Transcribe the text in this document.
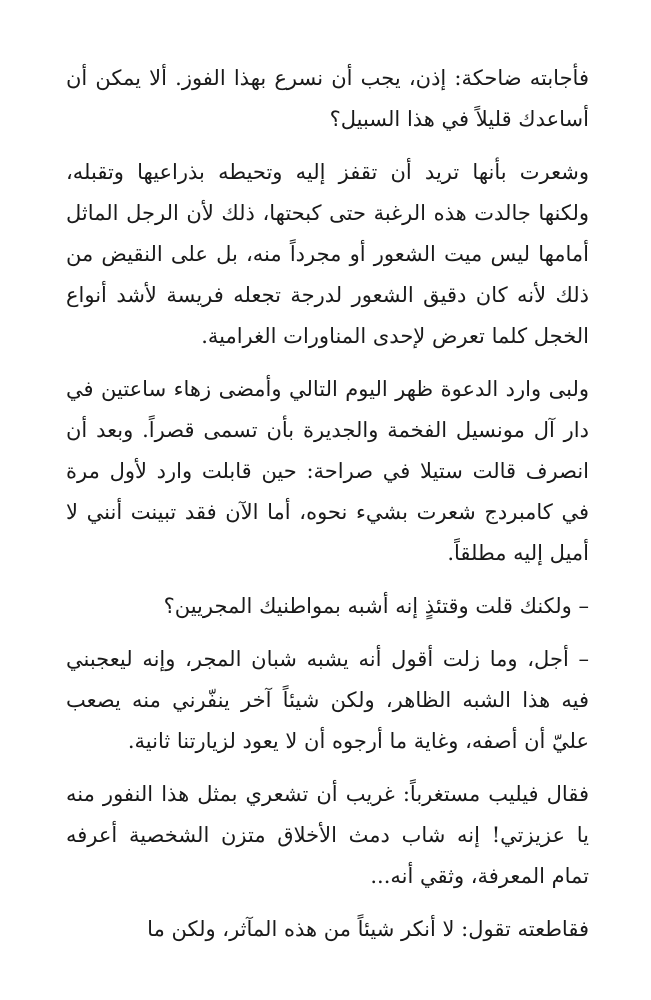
فأجابته ضاحكة: إذن، يجب أن نسرع بهذا الفوز. ألا يمكن أن أساعدك قليلاً في هذا السبيل؟

وشعرت بأنها تريد أن تقفز إليه وتحيطه بذراعيها وتقبله، ولكنها جالدت هذه الرغبة حتى كبحتها، ذلك لأن الرجل الماثل أمامها ليس ميت الشعور أو مجرداً منه، بل على النقيض من ذلك لأنه كان دقيق الشعور لدرجة تجعله فريسة لأشد أنواع الخجل كلما تعرض لإحدى المناورات الغرامية.

ولبى وارد الدعوة ظهر اليوم التالي وأمضى زهاء ساعتين في دار آل مونسيل الفخمة والجديرة بأن تسمى قصراً. وبعد أن انصرف قالت ستيلا في صراحة: حين قابلت وارد لأول مرة في كامبردج شعرت بشيء نحوه، أما الآن فقد تبينت أنني لا أميل إليه مطلقاً.

– ولكنك قلت وقتئذٍ إنه أشبه بمواطنيك المجريين؟

– أجل، وما زلت أقول أنه يشبه شبان المجر، وإنه ليعجبني فيه هذا الشبه الظاهر، ولكن شيئاً آخر ينفّرني منه يصعب عليّ أن أصفه، وغاية ما أرجوه أن لا يعود لزيارتنا ثانية.

فقال فيليب مستغرباً: غريب أن تشعري بمثل هذا النفور منه يا عزيزتي! إنه شاب دمث الأخلاق متزن الشخصية أعرفه تمام المعرفة، وثقي أنه...

فقاطعته تقول: لا أنكر شيئاً من هذه المآثر، ولكن ما
